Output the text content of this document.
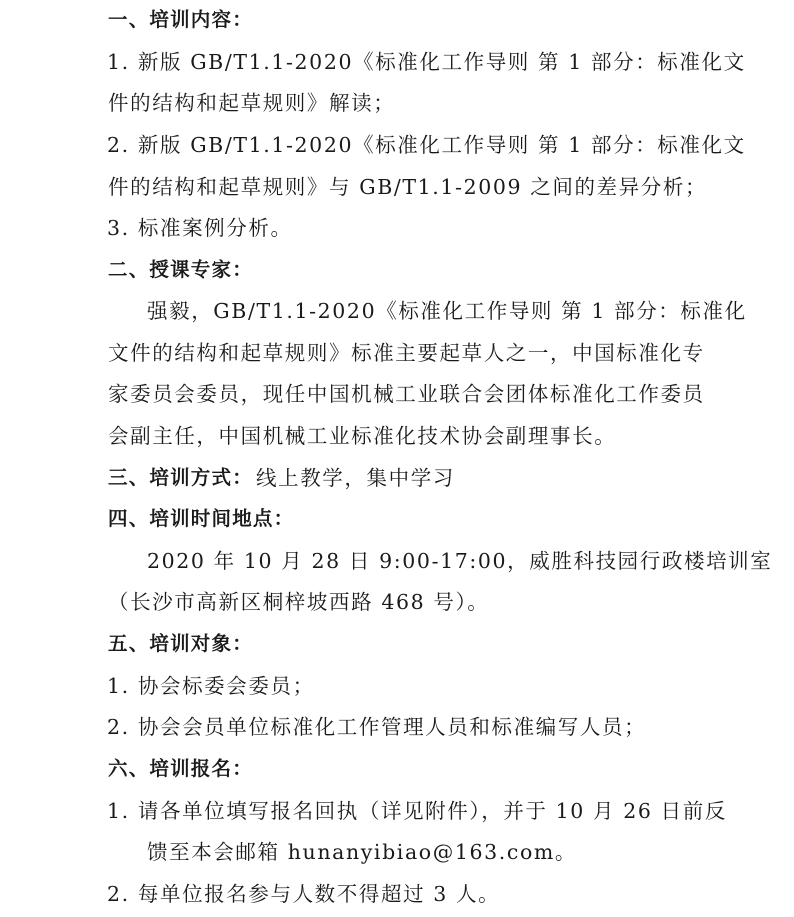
一、培训内容：
1. 新版 GB/T1.1-2020《标准化工作导则 第 1 部分：标准化文
件的结构和起草规则》解读；
2. 新版 GB/T1.1-2020《标准化工作导则 第 1 部分：标准化文
件的结构和起草规则》与 GB/T1.1-2009 之间的差异分析；
3. 标准案例分析。
二、授课专家：
强毅，GB/T1.1-2020《标准化工作导则 第 1 部分：标准化
文件的结构和起草规则》标准主要起草人之一，中国标准化专
家委员会委员，现任中国机械工业联合会团体标准化工作委员
会副主任，中国机械工业标准化技术协会副理事长。
三、培训方式： 线上教学，集中学习
四、培训时间地点：
2020 年 10 月 28 日 9:00-17:00，威胜科技园行政楼培训室
（长沙市高新区桐梓坡西路 468 号）。
五、培训对象：
1. 协会标委会委员；
2. 协会会员单位标准化工作管理人员和标准编写人员；
六、培训报名：
1. 请各单位填写报名回执（详见附件），并于 10 月 26 日前反
馈至本会邮箱 hunanyibiao@163.com。
2. 每单位报名参与人数不得超过 3 人。
